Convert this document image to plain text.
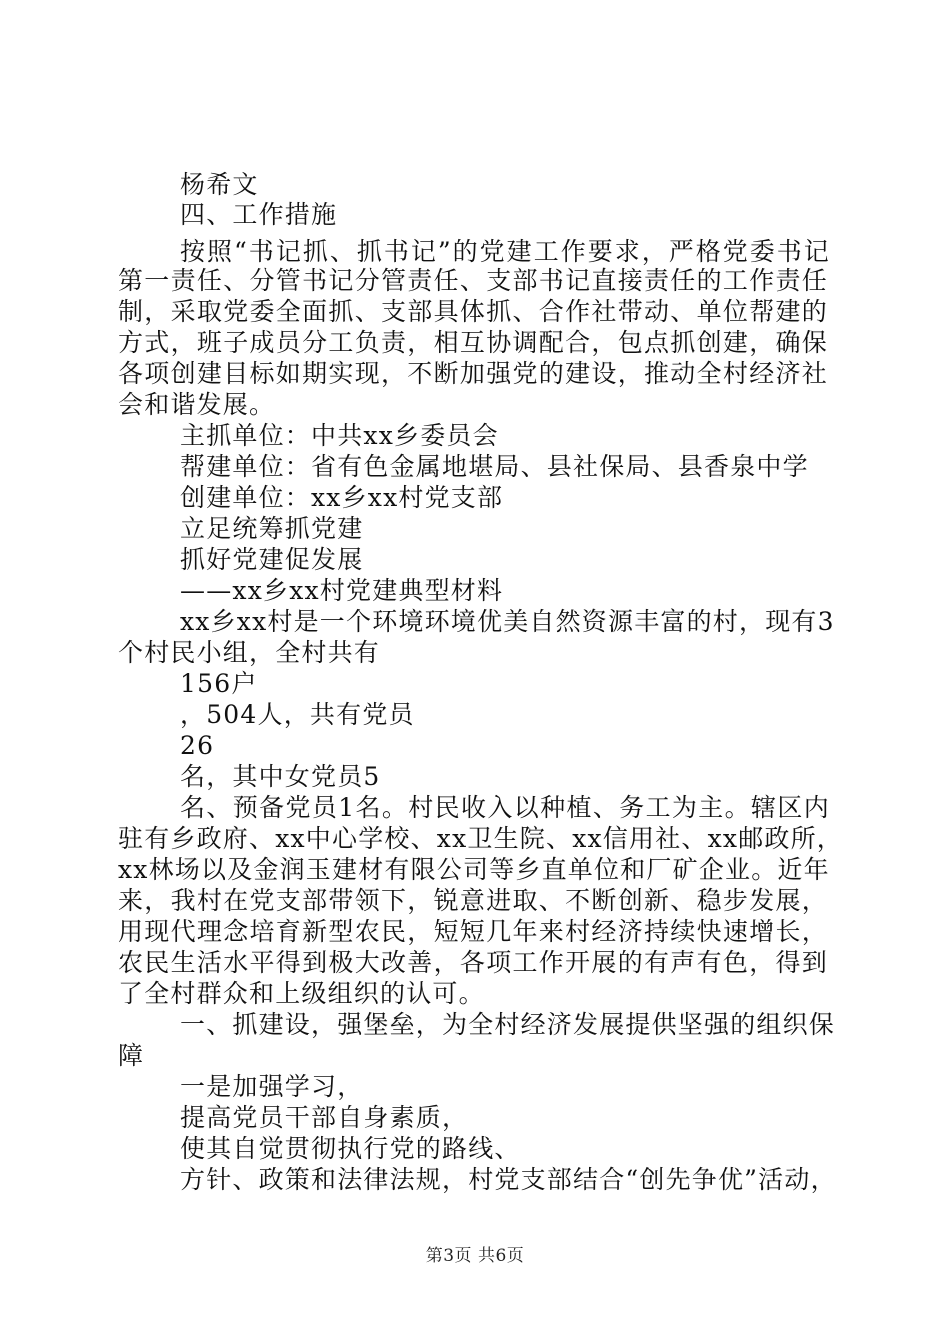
杨希文
四、工作措施
按照“书记抓、抓书记”的党建工作要求，严格党委书记
第一责任、分管书记分管责任、支部书记直接责任的工作责任
制，采取党委全面抓、支部具体抓、合作社带动、单位帮建的
方式，班子成员分工负责，相互协调配合，包点抓创建，确保
各项创建目标如期实现，不断加强党的建设，推动全村经济社
会和谐发展。
主抓单位：中共xx乡委员会
帮建单位：省有色金属地堪局、县社保局、县香泉中学
创建单位：xx乡xx村党支部
立足统筹抓党建
抓好党建促发展
——xx乡xx村党建典型材料
xx乡xx村是一个环境环境优美自然资源丰富的村，现有3
个村民小组，全村共有
156户
，504人，共有党员
26
名，其中女党员5
名、预备党员1名。村民收入以种植、务工为主。辖区内
驻有乡政府、xx中心学校、xx卫生院、xx信用社、xx邮政所，
xx林场以及金润玉建材有限公司等乡直单位和厂矿企业。近年
来，我村在党支部带领下，锐意进取、不断创新、稳步发展，
用现代理念培育新型农民，短短几年来村经济持续快速增长，
农民生活水平得到极大改善，各项工作开展的有声有色，得到
了全村群众和上级组织的认可。
一、抓建设，强堡垒，为全村经济发展提供坚强的组织保
障
一是加强学习，
提高党员干部自身素质，
使其自觉贯彻执行党的路线、
方针、政策和法律法规，村党支部结合“创先争优”活动，
第3页 共6页
